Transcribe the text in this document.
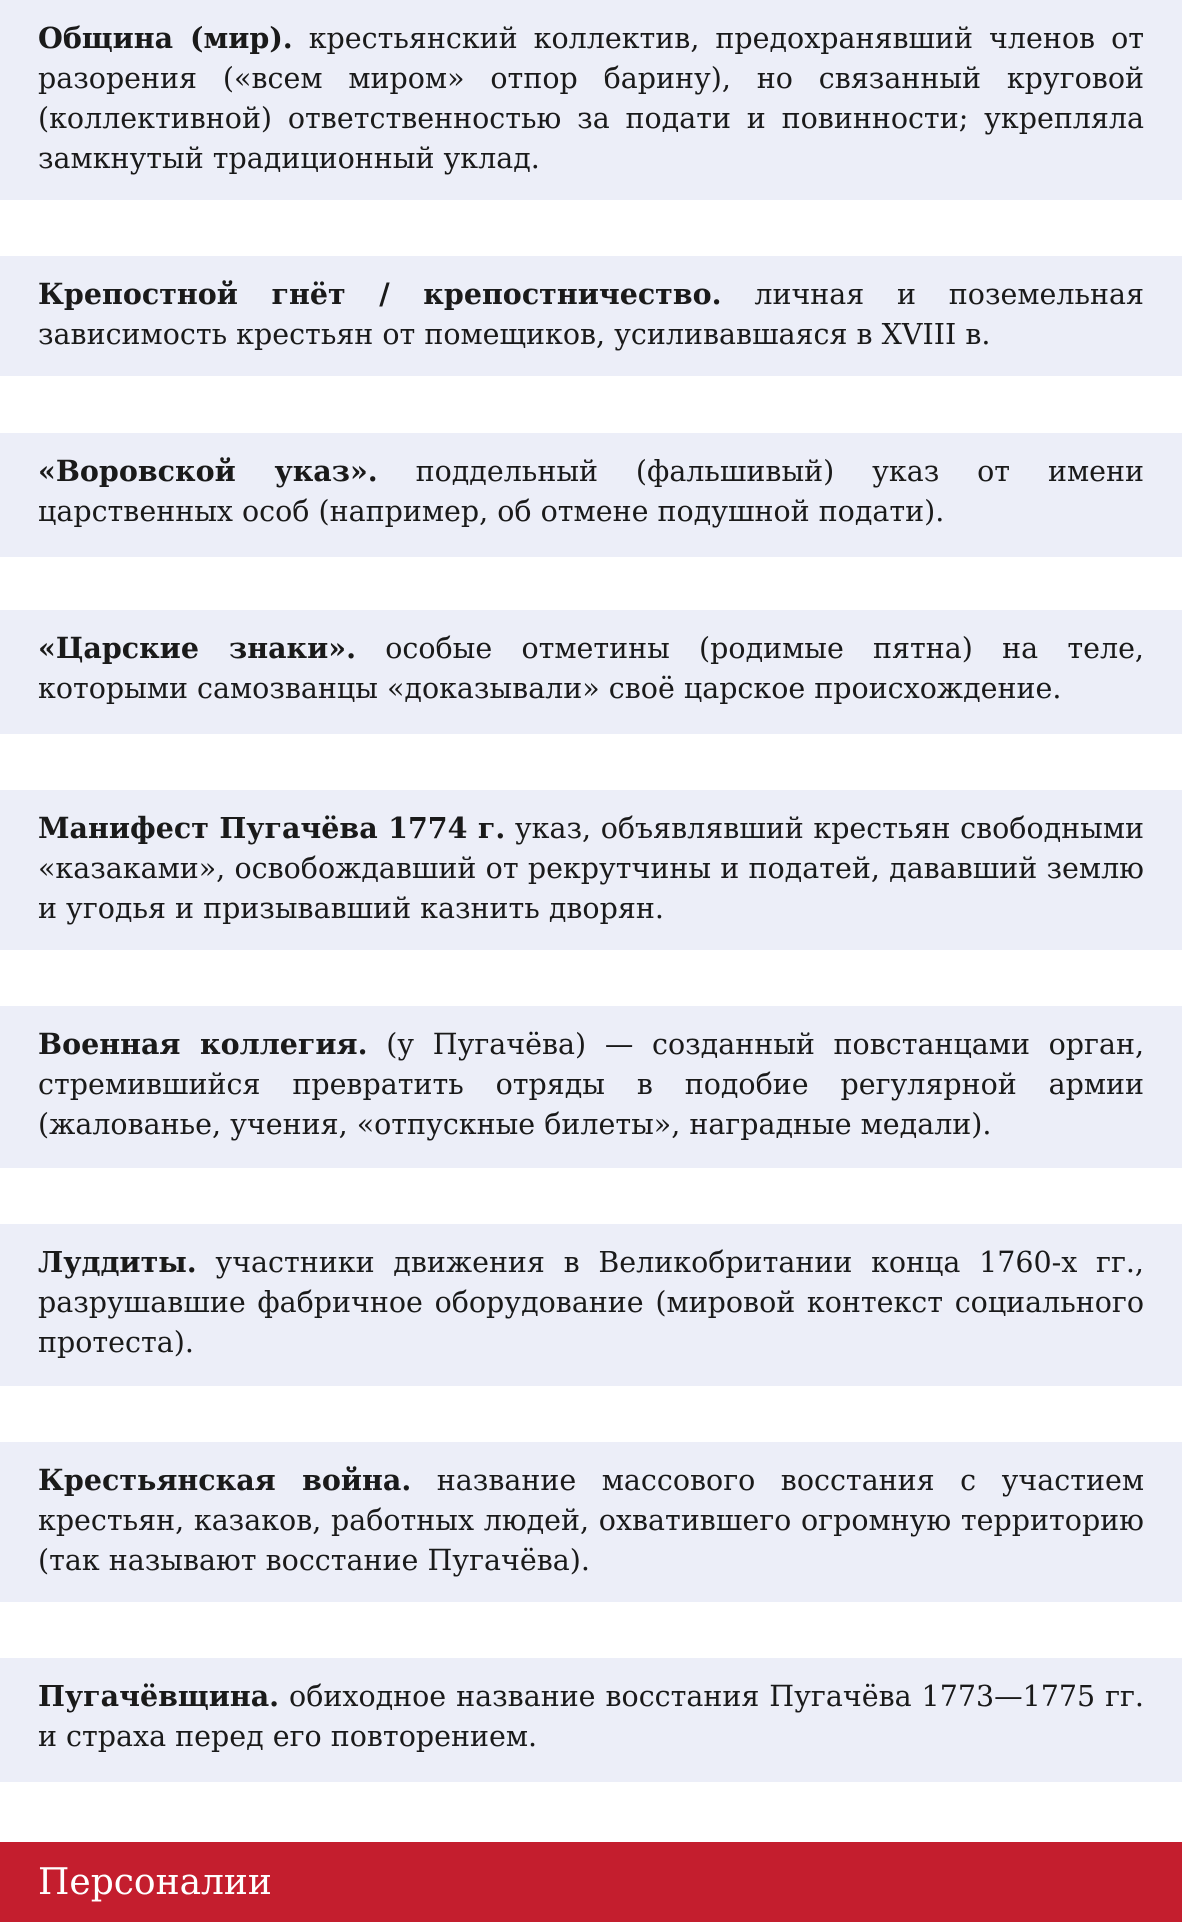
Община (мир). крестьянский коллектив, предохранявший членов от разорения («всем миром» отпор барину), но связанный круговой (коллективной) ответственностью за подати и повинности; укрепляла замкнутый традиционный уклад.

Крепостной гнёт / крепостничество. личная и поземельная зависимость крестьян от помещиков, усиливавшаяся в XVIII в.

«Воровской указ». поддельный (фальшивый) указ от имени царственных особ (например, об отмене подушной подати).

«Царские знаки». особые отметины (родимые пятна) на теле, которыми самозванцы «доказывали» своё царское происхождение.

Манифест Пугачёва 1774 г. указ, объявлявший крестьян свободными «казаками», освобождавший от рекрутчины и податей, дававший землю и угодья и призывавший казнить дворян.

Военная коллегия. (у Пугачёва) — созданный повстанцами орган, стремившийся превратить отряды в подобие регулярной армии (жалованье, учения, «отпускные билеты», наградные медали).

Луддиты. участники движения в Великобритании конца 1760-х гг., разрушавшие фабричное оборудование (мировой контекст социального протеста).

Крестьянская война. название массового восстания с участием крестьян, казаков, работных людей, охватившего огромную территорию (так называют восстание Пугачёва).

Пугачёвщина. обиходное название восстания Пугачёва 1773—1775 гг. и страха перед его повторением.

Персоналии
